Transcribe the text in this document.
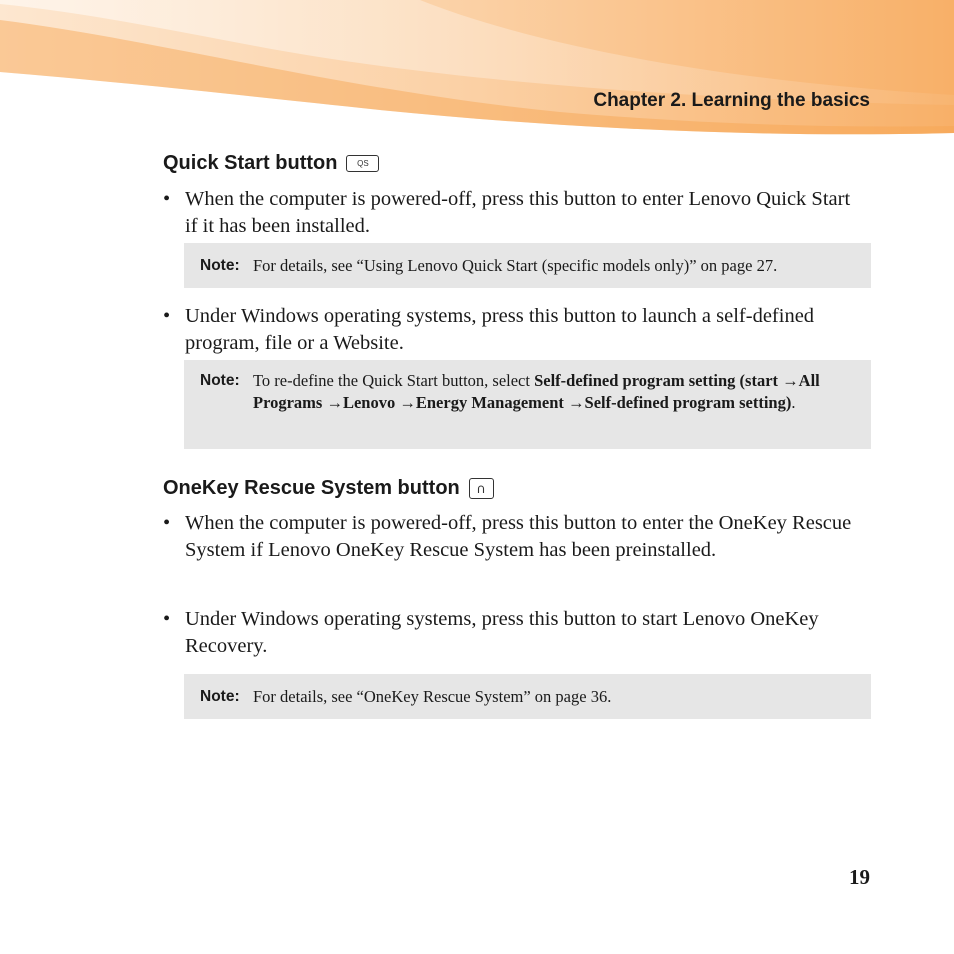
Chapter 2. Learning the basics
Quick Start button QS
• When the computer is powered-off, press this button to enter Lenovo Quick Start if it has been installed.
Note: For details, see “Using Lenovo Quick Start (specific models only)” on page 27.
• Under Windows operating systems, press this button to launch a self-defined program, file or a Website.
Note: To re-define the Quick Start button, select Self-defined program setting (start →All Programs →Lenovo →Energy Management →Self-defined program setting).
OneKey Rescue System button
• When the computer is powered-off, press this button to enter the OneKey Rescue System if Lenovo OneKey Rescue System has been preinstalled.
• Under Windows operating systems, press this button to start Lenovo OneKey Recovery.
Note: For details, see “OneKey Rescue System” on page 36.
19
